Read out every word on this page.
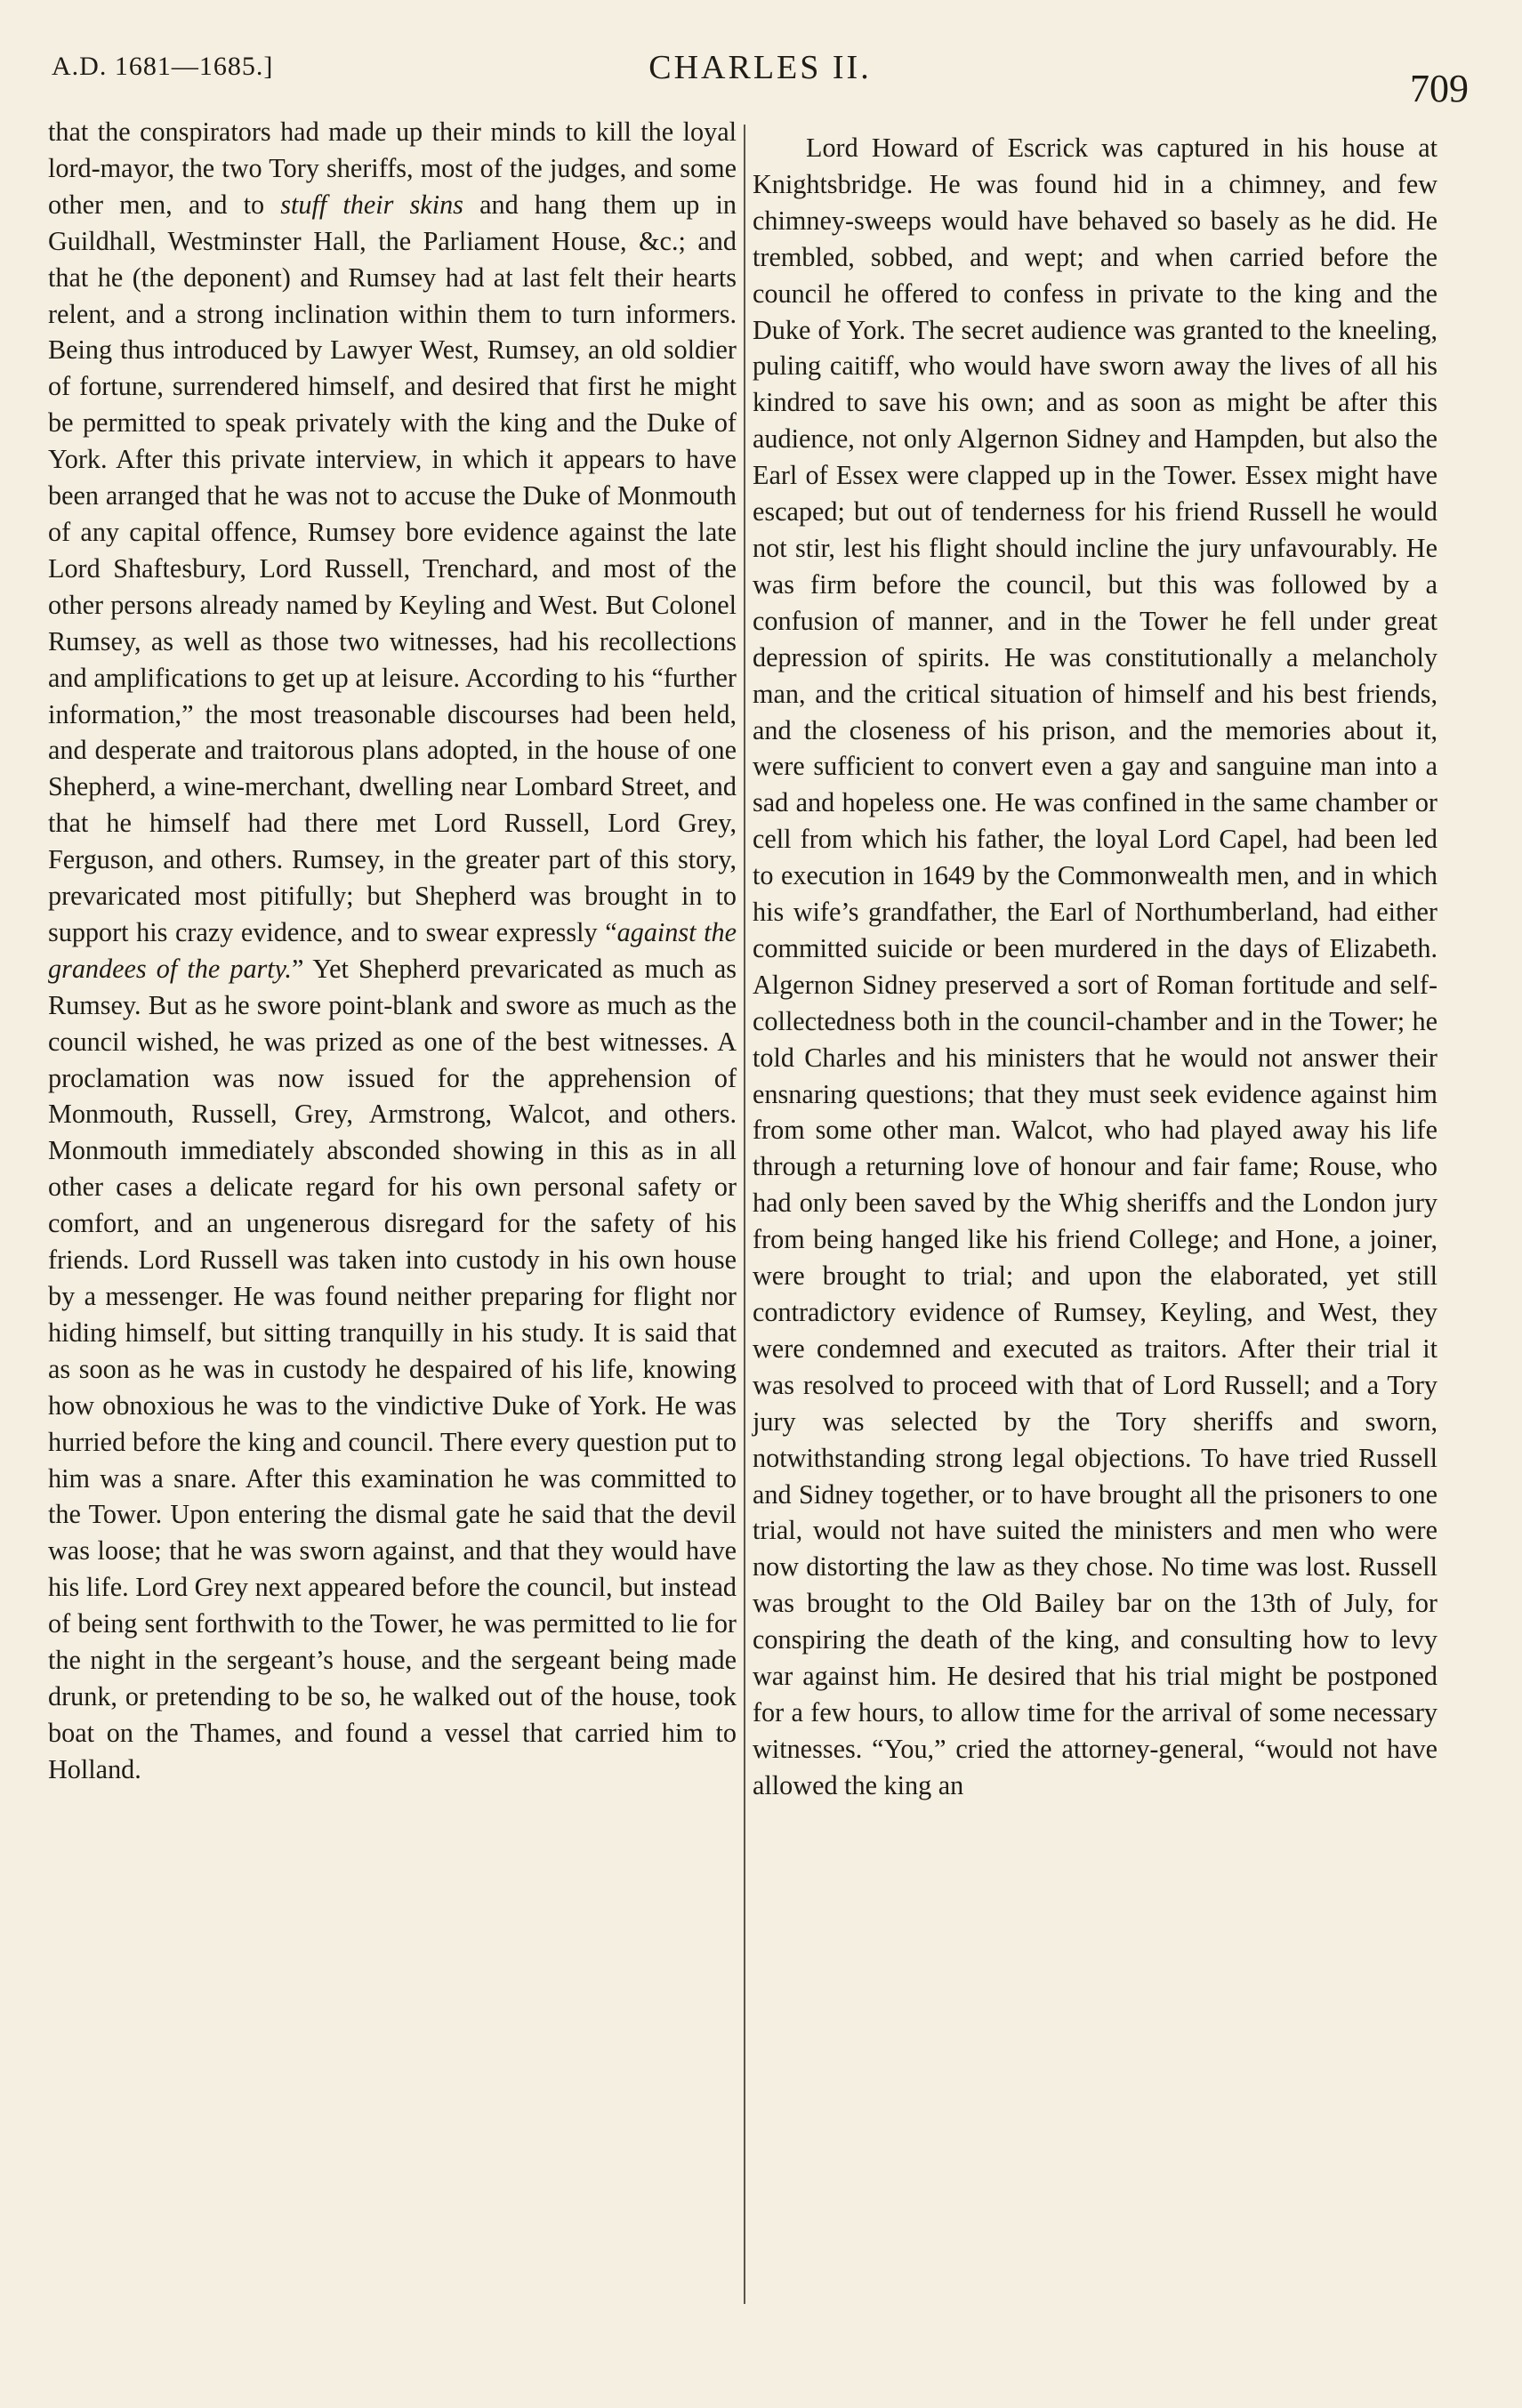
A.D. 1681—1685.]	CHARLES II.	709

that the conspirators had made up their minds to kill the loyal lord-mayor, the two Tory sheriffs, most of the judges, and some other men, and to stuff their skins and hang them up in Guildhall, Westminster Hall, the Parliament House, &c.; and that he (the deponent) and Rumsey had at last felt their hearts relent, and a strong inclination within them to turn informers. Being thus introduced by Lawyer West, Rumsey, an old soldier of fortune, surrendered himself, and desired that first he might be permitted to speak privately with the king and the Duke of York. After this private interview, in which it appears to have been arranged that he was not to accuse the Duke of Monmouth of any capital offence, Rumsey bore evidence against the late Lord Shaftesbury, Lord Russell, Trenchard, and most of the other persons already named by Keyling and West. But Colonel Rumsey, as well as those two witnesses, had his recollections and amplifications to get up at leisure. According to his “further information,” the most treasonable discourses had been held, and desperate and traitorous plans adopted, in the house of one Shepherd, a wine-merchant, dwelling near Lombard Street, and that he himself had there met Lord Russell, Lord Grey, Ferguson, and others. Rumsey, in the greater part of this story, prevaricated most pitifully; but Shepherd was brought in to support his crazy evidence, and to swear expressly “against the grandees of the party.” Yet Shepherd prevaricated as much as Rumsey. But as he swore point-blank and swore as much as the council wished, he was prized as one of the best witnesses. A proclamation was now issued for the apprehension of Monmouth, Russell, Grey, Armstrong, Walcot, and others. Monmouth immediately absconded showing in this as in all other cases a delicate regard for his own personal safety or comfort, and an ungenerous disregard for the safety of his friends. Lord Russell was taken into custody in his own house by a messenger. He was found neither preparing for flight nor hiding himself, but sitting tranquilly in his study. It is said that as soon as he was in custody he despaired of his life, knowing how obnoxious he was to the vindictive Duke of York. He was hurried before the king and council. There every question put to him was a snare. After this examination he was committed to the Tower. Upon entering the dismal gate he said that the devil was loose; that he was sworn against, and that they would have his life. Lord Grey next appeared before the council, but instead of being sent forthwith to the Tower, he was permitted to lie for the night in the sergeant’s house, and the sergeant being made drunk, or pretending to be so, he walked out of the house, took boat on the Thames, and found a vessel that carried him to Holland.

Lord Howard of Escrick was captured in his house at Knightsbridge. He was found hid in a chimney, and few chimney-sweeps would have behaved so basely as he did. He trembled, sobbed, and wept; and when carried before the council he offered to confess in private to the king and the Duke of York. The secret audience was granted to the kneeling, puling caitiff, who would have sworn away the lives of all his kindred to save his own; and as soon as might be after this audience, not only Algernon Sidney and Hampden, but also the Earl of Essex were clapped up in the Tower. Essex might have escaped; but out of tenderness for his friend Russell he would not stir, lest his flight should incline the jury unfavourably. He was firm before the council, but this was followed by a confusion of manner, and in the Tower he fell under great depression of spirits. He was constitutionally a melancholy man, and the critical situation of himself and his best friends, and the closeness of his prison, and the memories about it, were sufficient to convert even a gay and sanguine man into a sad and hopeless one. He was confined in the same chamber or cell from which his father, the loyal Lord Capel, had been led to execution in 1649 by the Commonwealth men, and in which his wife’s grandfather, the Earl of Northumberland, had either committed suicide or been murdered in the days of Elizabeth. Algernon Sidney preserved a sort of Roman fortitude and self-collectedness both in the council-chamber and in the Tower; he told Charles and his ministers that he would not answer their ensnaring questions; that they must seek evidence against him from some other man. Walcot, who had played away his life through a returning love of honour and fair fame; Rouse, who had only been saved by the Whig sheriffs and the London jury from being hanged like his friend College; and Hone, a joiner, were brought to trial; and upon the elaborated, yet still contradictory evidence of Rumsey, Keyling, and West, they were condemned and executed as traitors. After their trial it was resolved to proceed with that of Lord Russell; and a Tory jury was selected by the Tory sheriffs and sworn, notwithstanding strong legal objections. To have tried Russell and Sidney together, or to have brought all the prisoners to one trial, would not have suited the ministers and men who were now distorting the law as they chose. No time was lost. Russell was brought to the Old Bailey bar on the 13th of July, for conspiring the death of the king, and consulting how to levy war against him. He desired that his trial might be postponed for a few hours, to allow time for the arrival of some necessary witnesses. “You,” cried the attorney-general, “would not have allowed the king an
